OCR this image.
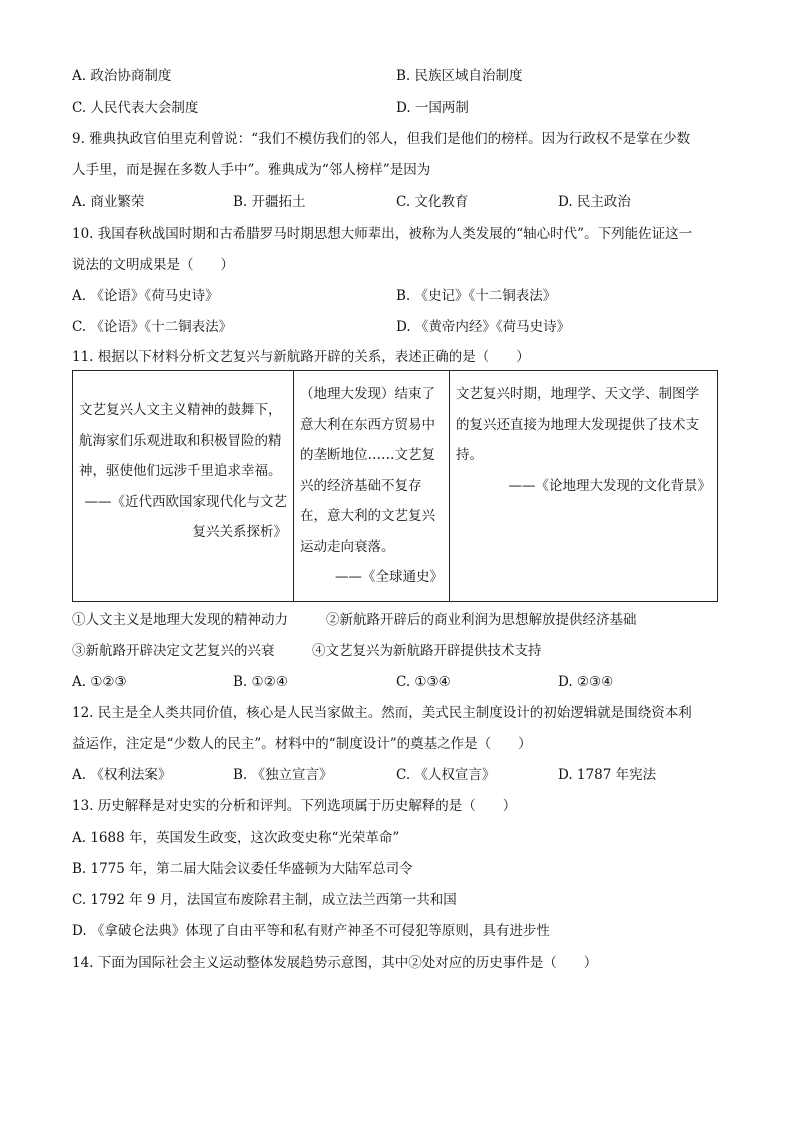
A. 政治协商制度	B. 民族区域自治制度
C. 人民代表大会制度	D. 一国两制
9. 雅典执政官伯里克利曾说：“我们不模仿我们的邻人，但我们是他们的榜样。因为行政权不是掌在少数
人手里，而是握在多数人手中”。雅典成为“邻人榜样”是因为
A. 商业繁荣	B. 开疆拓土	C. 文化教育	D. 民主政治
10. 我国春秋战国时期和古希腊罗马时期思想大师辈出，被称为人类发展的“轴心时代”。下列能佐证这一
说法的文明成果是（　　）
A. 《论语》《荷马史诗》	B. 《史记》《十二铜表法》
C. 《论语》《十二铜表法》	D. 《黄帝内经》《荷马史诗》
11. 根据以下材料分析文艺复兴与新航路开辟的关系，表述正确的是（　　）
文艺复兴人文主义精神的鼓舞下，航海家们乐观进取和积极冒险的精神，驱使他们远涉千里追求幸福。
——《近代西欧国家现代化与文艺复兴关系探析》

（地理大发现）结束了意大利在东西方贸易中的垄断地位……文艺复兴的经济基础不复存在，意大利的文艺复兴运动走向衰落。
——《全球通史》

文艺复兴时期，地理学、天文学、制图学的复兴还直接为地理大发现提供了技术支持。
——《论地理大发现的文化背景》
①人文主义是地理大发现的精神动力	②新航路开辟后的商业利润为思想解放提供经济基础
③新航路开辟决定文艺复兴的兴衰	④文艺复兴为新航路开辟提供技术支持
A. ①②③	B. ①②④	C. ①③④	D. ②③④
12. 民主是全人类共同价值，核心是人民当家做主。然而，美式民主制度设计的初始逻辑就是围绕资本利
益运作，注定是“少数人的民主”。材料中的“制度设计”的奠基之作是（　　）
A. 《权利法案》	B. 《独立宣言》	C. 《人权宣言》	D. 1787 年宪法
13. 历史解释是对史实的分析和评判。下列选项属于历史解释的是（　　）
A. 1688 年，英国发生政变，这次政变史称“光荣革命”
B. 1775 年，第二届大陆会议委任华盛顿为大陆军总司令
C. 1792 年 9 月，法国宣布废除君主制，成立法兰西第一共和国
D. 《拿破仑法典》体现了自由平等和私有财产神圣不可侵犯等原则，具有进步性
14. 下面为国际社会主义运动整体发展趋势示意图，其中②处对应的历史事件是（　　）
